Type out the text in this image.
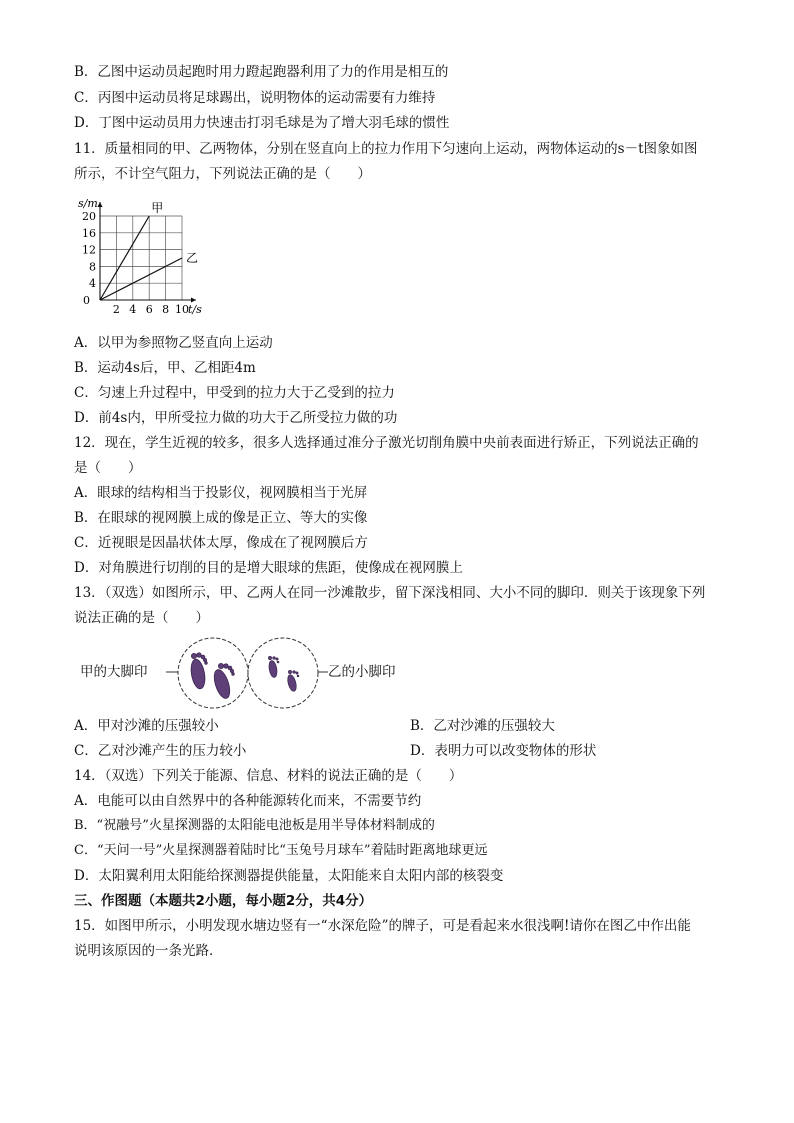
B．乙图中运动员起跑时用力蹬起跑器利用了力的作用是相互的
C．丙图中运动员将足球踢出，说明物体的运动需要有力维持
D．丁图中运动员用力快速击打羽毛球是为了增大羽毛球的惯性
11．质量相同的甲、乙两物体，分别在竖直向上的拉力作用下匀速向上运动，两物体运动的s－t图象如图
所示，不计空气阻力，下列说法正确的是（　　）
20
16
12
8
4
2 4 6 8 10
0
s/m
t/s
甲
乙
A．以甲为参照物乙竖直向上运动
B．运动4s后，甲、乙相距4m
C．匀速上升过程中，甲受到的拉力大于乙受到的拉力
D．前4s内，甲所受拉力做的功大于乙所受拉力做的功
12．现在，学生近视的较多，很多人选择通过准分子激光切削角膜中央前表面进行矫正，下列说法正确的
是（　　）
A．眼球的结构相当于投影仪，视网膜相当于光屏
B．在眼球的视网膜上成的像是正立、等大的实像
C．近视眼是因晶状体太厚，像成在了视网膜后方
D．对角膜进行切削的目的是增大眼球的焦距，使像成在视网膜上
13．（双选）如图所示，甲、乙两人在同一沙滩散步，留下深浅相同、大小不同的脚印．则关于该现象下列
说法正确的是（　　）
甲的大脚印	乙的小脚印
A．甲对沙滩的压强较小	B．乙对沙滩的压强较大
C．乙对沙滩产生的压力较小	D．表明力可以改变物体的形状
14．（双选）下列关于能源、信息、材料的说法正确的是（　　）
A．电能可以由自然界中的各种能源转化而来，不需要节约
B．“祝融号”火星探测器的太阳能电池板是用半导体材料制成的
C．“天问一号”火星探测器着陆时比“玉兔号月球车”着陆时距离地球更远
D．太阳翼利用太阳能给探测器提供能量，太阳能来自太阳内部的核裂变
三、作图题（本题共2小题，每小题2分，共4分）
15．如图甲所示，小明发现水塘边竖有一“水深危险”的牌子，可是看起来水很浅啊!请你在图乙中作出能
说明该原因的一条光路．
